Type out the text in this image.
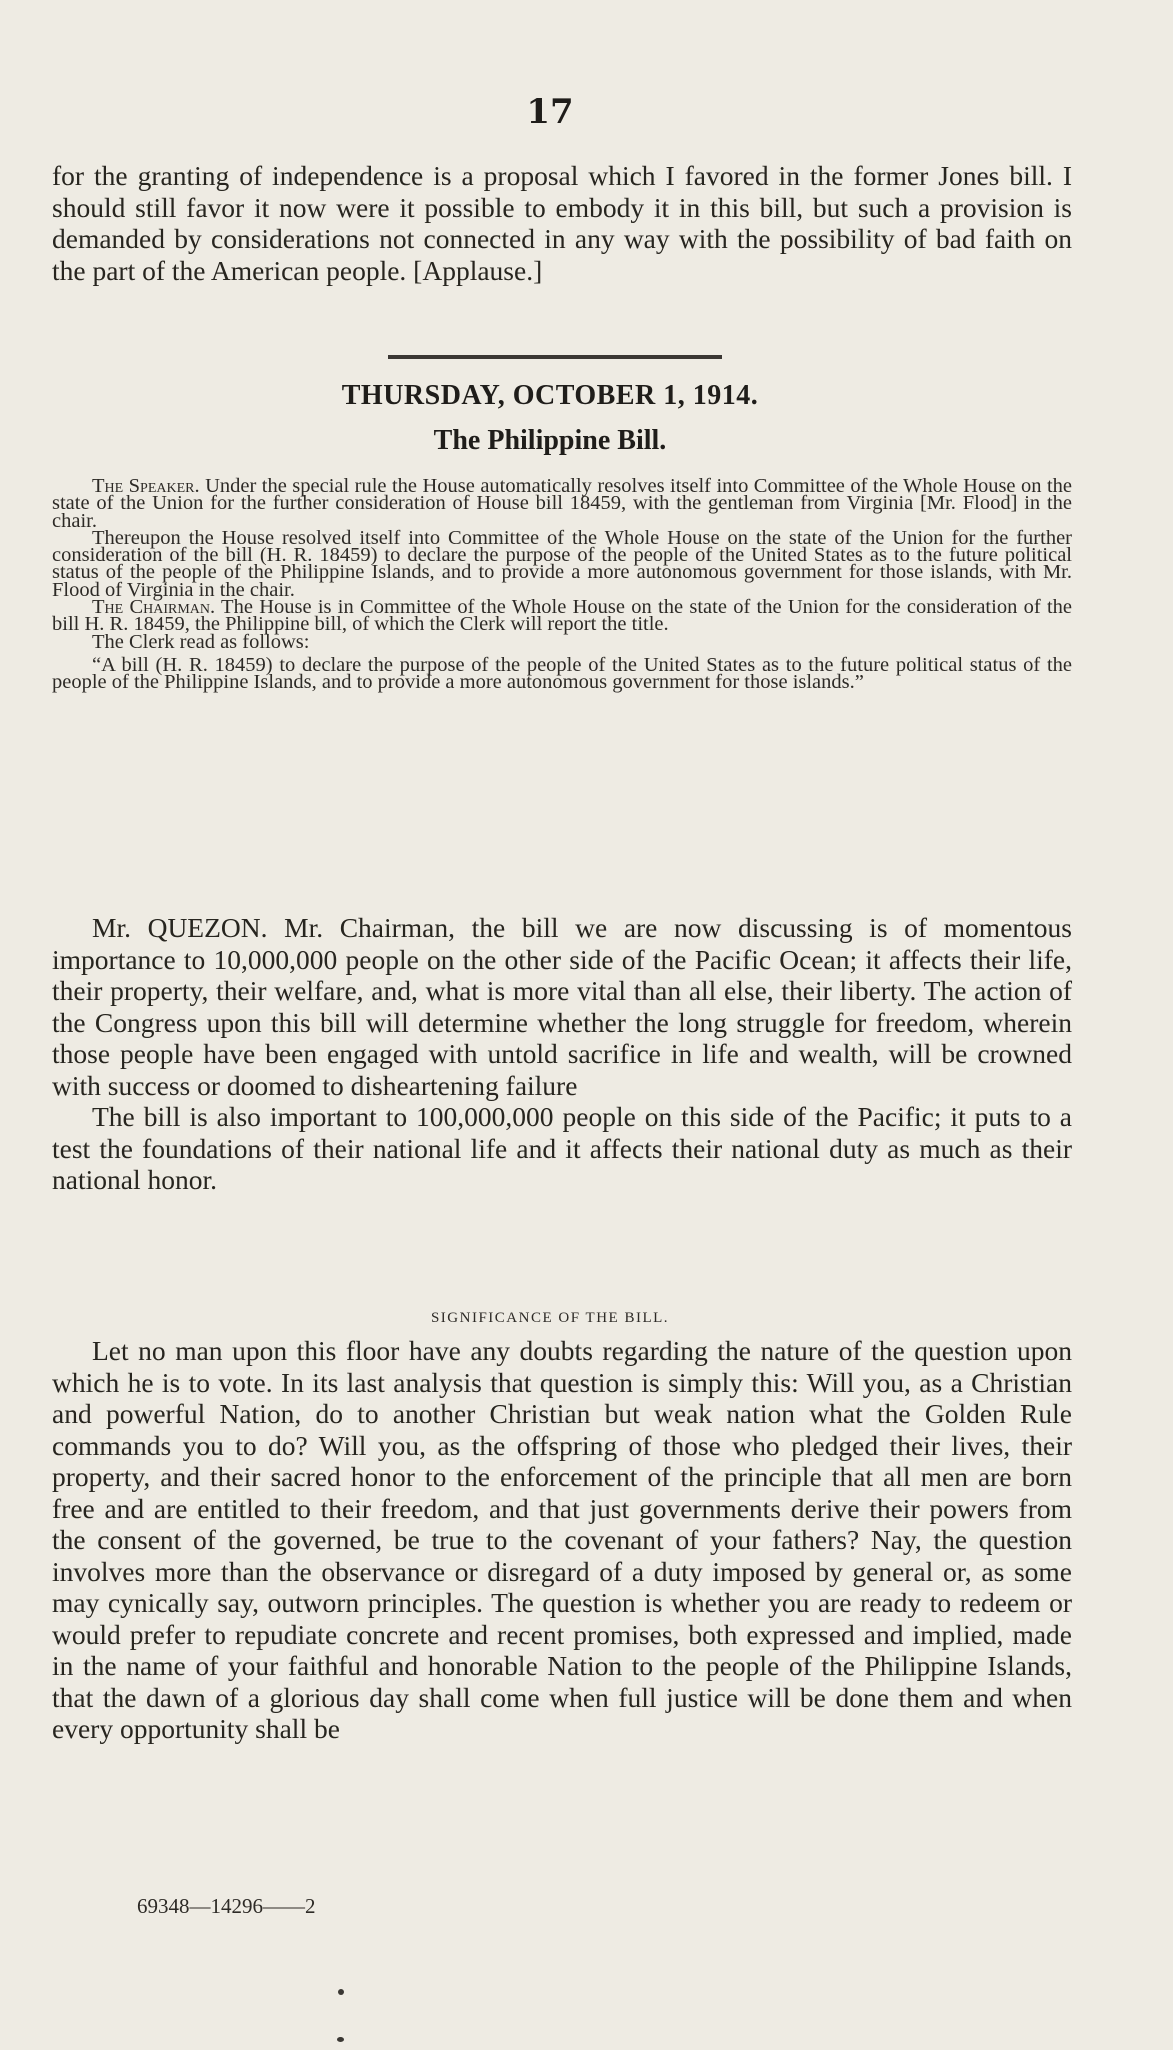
17

for the granting of independence is a proposal which I favored in the former Jones bill. I should still favor it now were it possible to embody it in this bill, but such a provision is demanded by considerations not connected in any way with the possibility of bad faith on the part of the American people. [Applause.]

THURSDAY, OCTOBER 1, 1914.
The Philippine Bill.

The Speaker. Under the special rule the House automatically resolves itself into Committee of the Whole House on the state of the Union for the further consideration of House bill 18459, with the gentleman from Virginia [Mr. Flood] in the chair.

Thereupon the House resolved itself into Committee of the Whole House on the state of the Union for the further consideration of the bill (H. R. 18459) to declare the purpose of the people of the United States as to the future political status of the people of the Philippine Islands, and to provide a more autonomous government for those islands, with Mr. Flood of Virginia in the chair.

The Chairman. The House is in Committee of the Whole House on the state of the Union for the consideration of the bill H. R. 18459, the Philippine bill, of which the Clerk will report the title.

The Clerk read as follows:

“A bill (H. R. 18459) to declare the purpose of the people of the United States as to the future political status of the people of the Philippine Islands, and to provide a more autonomous government for those islands.”

Mr. QUEZON. Mr. Chairman, the bill we are now discussing is of momentous importance to 10,000,000 people on the other side of the Pacific Ocean; it affects their life, their property, their welfare, and, what is more vital than all else, their liberty. The action of the Congress upon this bill will determine whether the long struggle for freedom, wherein those people have been engaged with untold sacrifice in life and wealth, will be crowned with success or doomed to disheartening failure

The bill is also important to 100,000,000 people on this side of the Pacific; it puts to a test the foundations of their national life and it affects their national duty as much as their national honor.

SIGNIFICANCE OF THE BILL.

Let no man upon this floor have any doubts regarding the nature of the question upon which he is to vote. In its last analysis that question is simply this: Will you, as a Christian and powerful Nation, do to another Christian but weak nation what the Golden Rule commands you to do? Will you, as the offspring of those who pledged their lives, their property, and their sacred honor to the enforcement of the principle that all men are born free and are entitled to their freedom, and that just governments derive their powers from the consent of the governed, be true to the covenant of your fathers? Nay, the question involves more than the observance or disregard of a duty imposed by general or, as some may cynically say, outworn principles. The question is whether you are ready to redeem or would prefer to repudiate concrete and recent promises, both expressed and implied, made in the name of your faithful and honorable Nation to the people of the Philippine Islands, that the dawn of a glorious day shall come when full justice will be done them and when every opportunity shall be

69348—14296——2
